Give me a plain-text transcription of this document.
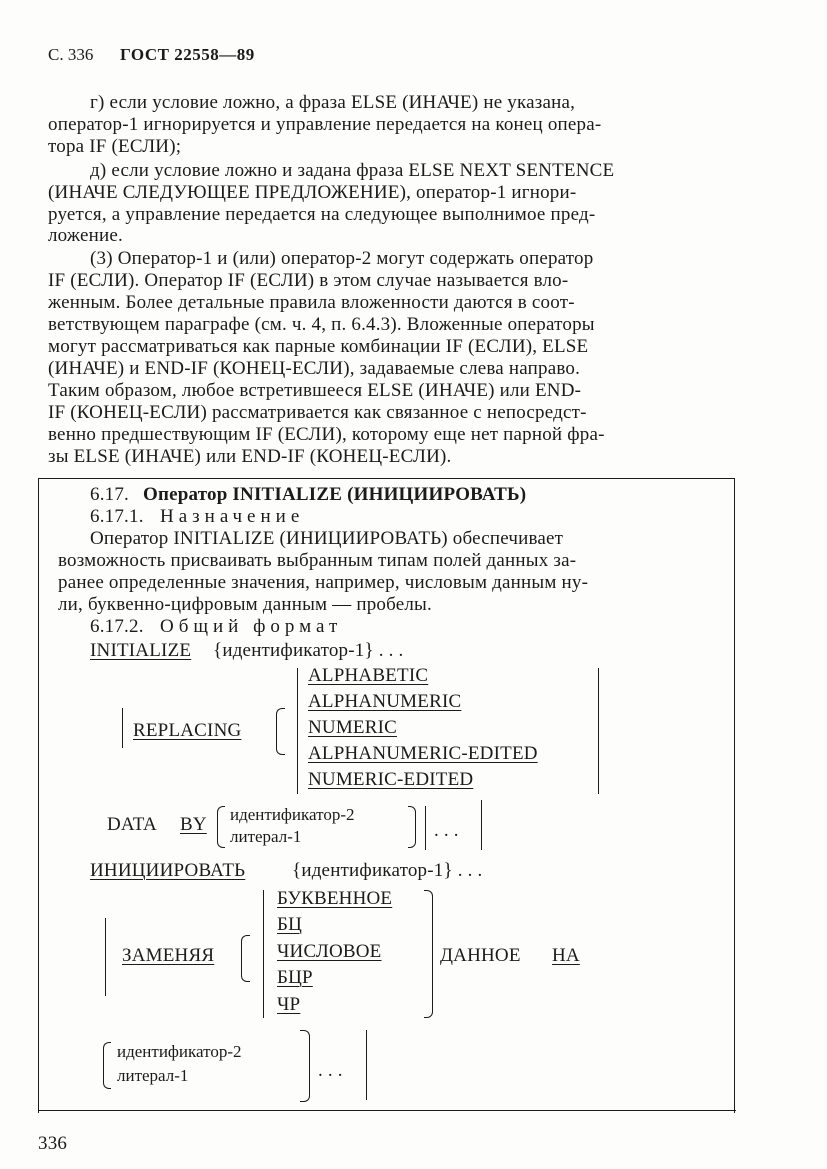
С. 336 ГОСТ 22558—89
г) если условие ложно, а фраза ELSE (ИНАЧЕ) не указана,
оператор-1 игнорируется и управление передается на конец опера-
тора IF (ЕСЛИ);
д) если условие ложно и задана фраза ELSE NEXT SENTENCE
(ИНАЧЕ СЛЕДУЮЩЕЕ ПРЕДЛОЖЕНИЕ), оператор-1 игнори-
руется, а управление передается на следующее выполнимое пред-
ложение.
(3) Оператор-1 и (или) оператор-2 могут содержать оператор
IF (ЕСЛИ). Оператор IF (ЕСЛИ) в этом случае называется вло-
женным. Более детальные правила вложенности даются в соот-
ветствующем параграфе (см. ч. 4, п. 6.4.3). Вложенные операторы
могут рассматриваться как парные комбинации IF (ЕСЛИ), ELSE
(ИНАЧЕ) и END-IF (КОНЕЦ-ЕСЛИ), задаваемые слева направо.
Таким образом, любое встретившееся ELSE (ИНАЧЕ) или END-
IF (КОНЕЦ-ЕСЛИ) рассматривается как связанное с непосредст-
венно предшествующим IF (ЕСЛИ), которому еще нет парной фра-
зы ELSE (ИНАЧЕ) или END-IF (КОНЕЦ-ЕСЛИ).
6.17. Оператор INITIALIZE (ИНИЦИИРОВАТЬ)
6.17.1. Назначение
Оператор INITIALIZE (ИНИЦИИРОВАТЬ) обеспечивает
возможность присваивать выбранным типам полей данных за-
ранее определенные значения, например, числовым данным ну-
ли, буквенно-цифровым данным — пробелы.
6.17.2. Общий формат
INITIALIZE {идентификатор-1} . . .
REPLACING
ALPHABETIC
ALPHANUMERIC
NUMERIC
ALPHANUMERIC-EDITED
NUMERIC-EDITED
DATA BY идентификатор-2
литерал-1	. . .
ИНИЦИИРОВАТЬ {идентификатор-1} . . .
ЗАМЕНЯЯ
БУКВЕННОЕ
БЦ
ЧИСЛОВОЕ
БЦР
ЧР
ДАННОЕ НА
идентификатор-2
литерал-1	. . .
336
